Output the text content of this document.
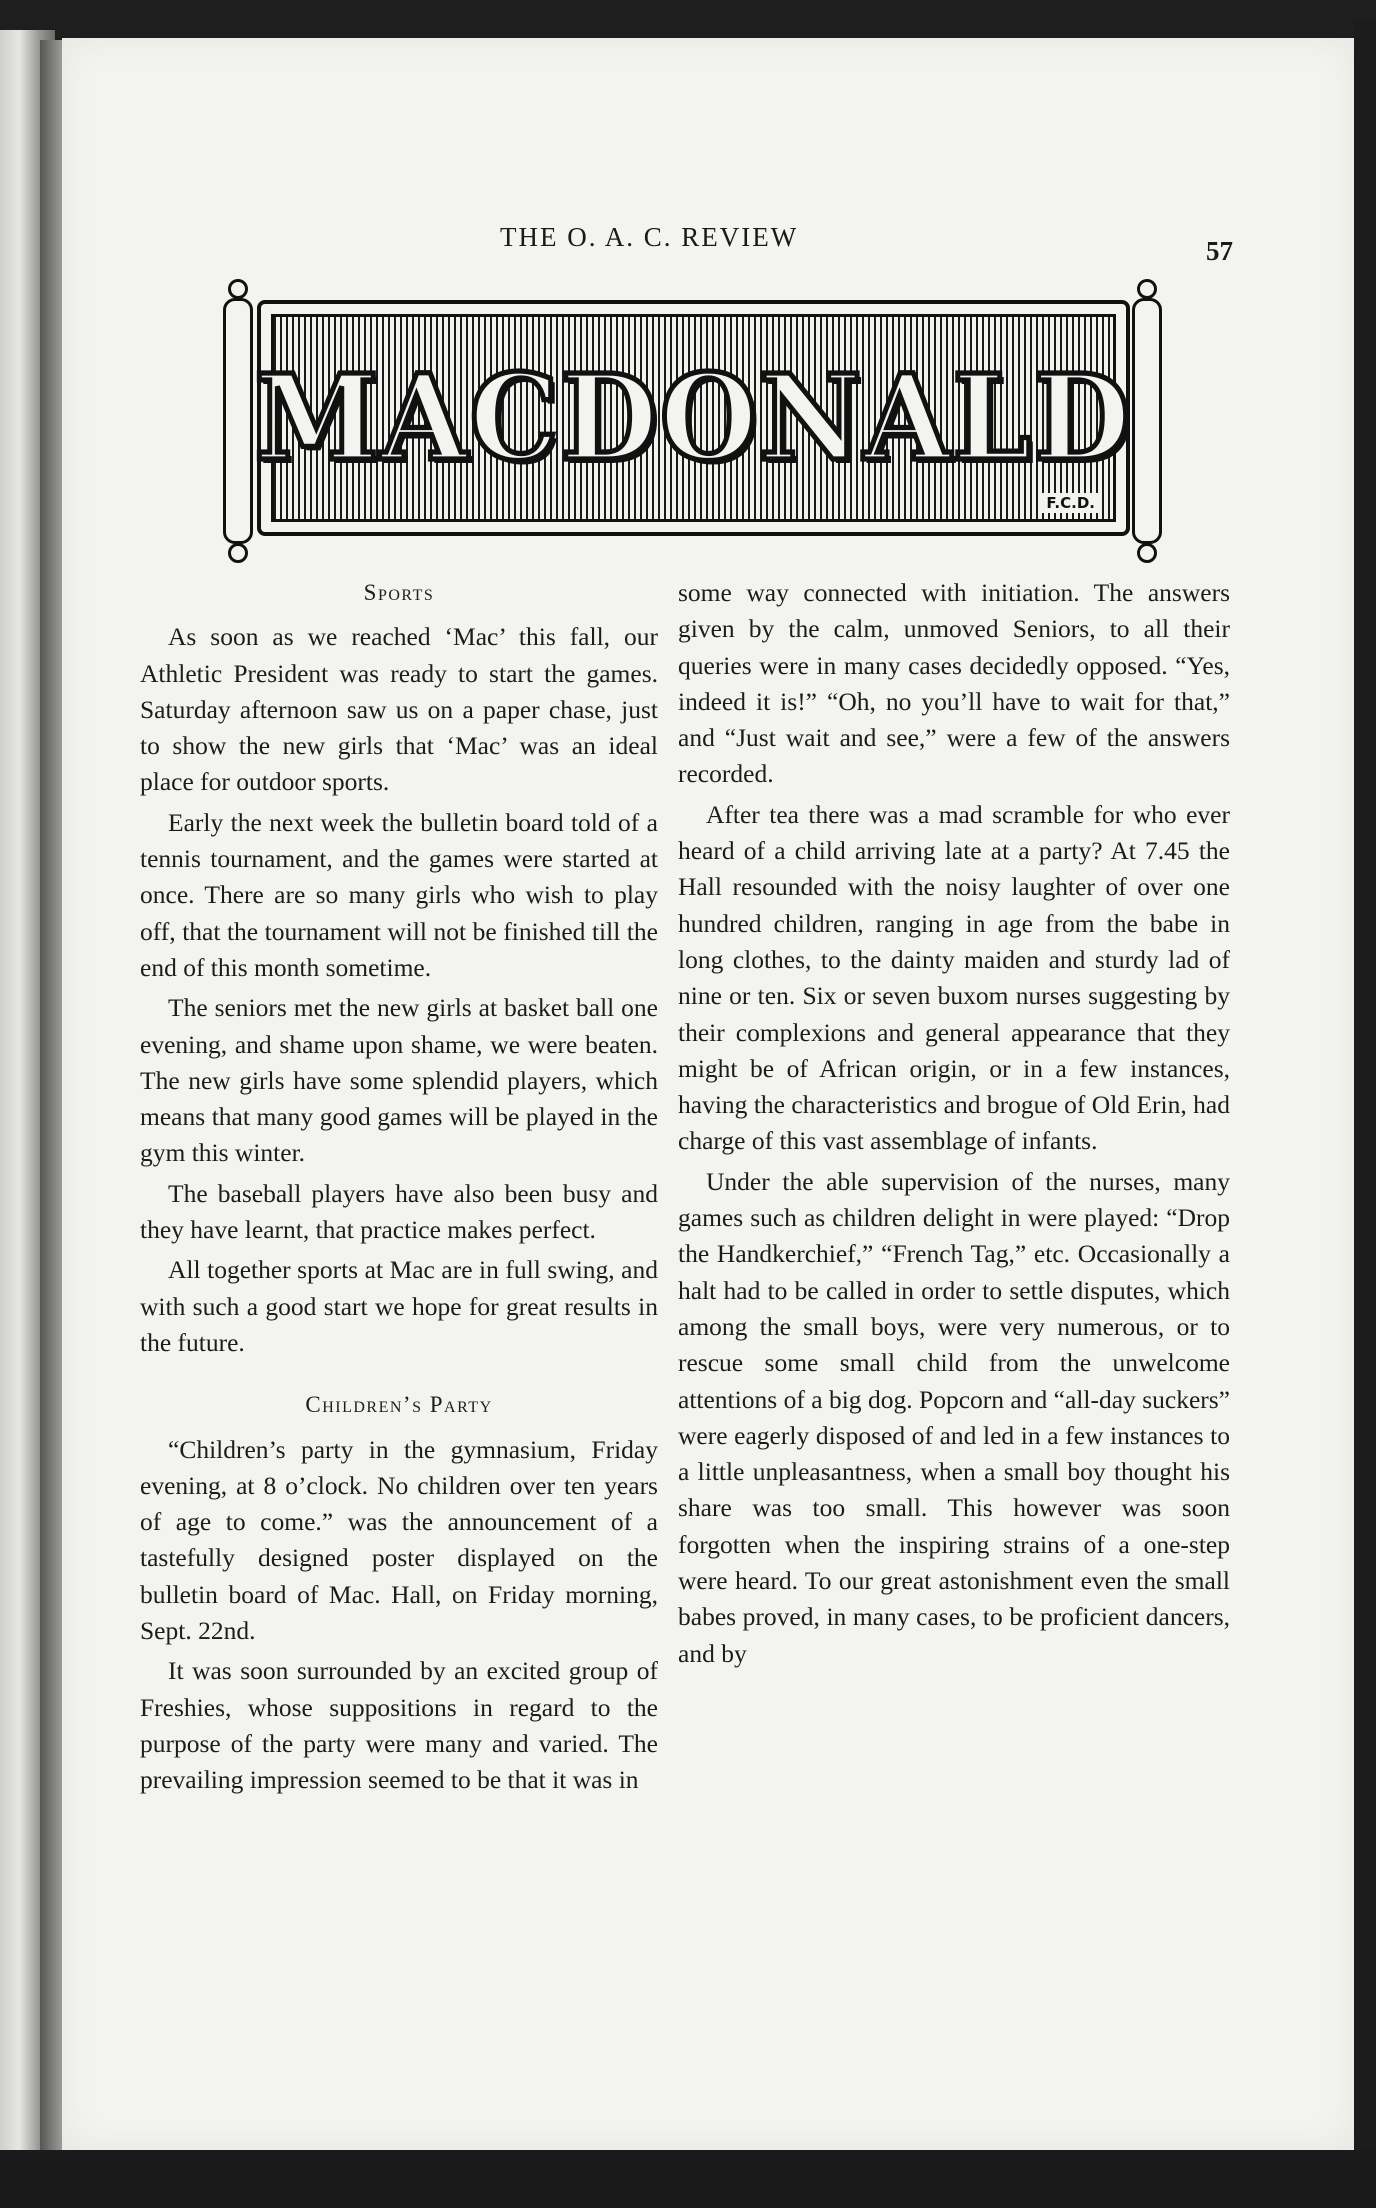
THE O. A. C. REVIEW	57
MACDONALD
F.C.D.
Sports

As soon as we reached ‘Mac’ this fall, our Athletic President was ready to start the games. Saturday afternoon saw us on a paper chase, just to show the new girls that ‘Mac’ was an ideal place for outdoor sports.

Early the next week the bulletin board told of a tennis tournament, and the games were started at once. There are so many girls who wish to play off, that the tournament will not be finished till the end of this month sometime.

The seniors met the new girls at basket ball one evening, and shame upon shame, we were beaten. The new girls have some splendid players, which means that many good games will be played in the gym this winter.

The baseball players have also been busy and they have learnt, that practice makes perfect.

All together sports at Mac are in full swing, and with such a good start we hope for great results in the future.

Children’s Party

“Children’s party in the gymnasium, Friday evening, at 8 o’clock. No children over ten years of age to come.” was the announcement of a tastefully designed poster displayed on the bulletin board of Mac. Hall, on Friday morning, Sept. 22nd.

It was soon surrounded by an excited group of Freshies, whose suppositions in regard to the purpose of the party were many and varied. The prevailing impression seemed to be that it was in

some way connected with initiation. The answers given by the calm, unmoved Seniors, to all their queries were in many cases decidedly opposed. “Yes, indeed it is!” “Oh, no you’ll have to wait for that,” and “Just wait and see,” were a few of the answers recorded.

After tea there was a mad scramble for who ever heard of a child arriving late at a party? At 7.45 the Hall resounded with the noisy laughter of over one hundred children, ranging in age from the babe in long clothes, to the dainty maiden and sturdy lad of nine or ten. Six or seven buxom nurses suggesting by their complexions and general appearance that they might be of African origin, or in a few instances, having the characteristics and brogue of Old Erin, had charge of this vast assemblage of infants.

Under the able supervision of the nurses, many games such as children delight in were played: “Drop the Handkerchief,” “French Tag,” etc. Occasionally a halt had to be called in order to settle disputes, which among the small boys, were very numerous, or to rescue some small child from the unwelcome attentions of a big dog. Popcorn and “all-day suckers” were eagerly disposed of and led in a few instances to a little unpleasantness, when a small boy thought his share was too small. This however was soon forgotten when the inspiring strains of a one-step were heard. To our great astonishment even the small babes proved, in many cases, to be proficient dancers, and by
